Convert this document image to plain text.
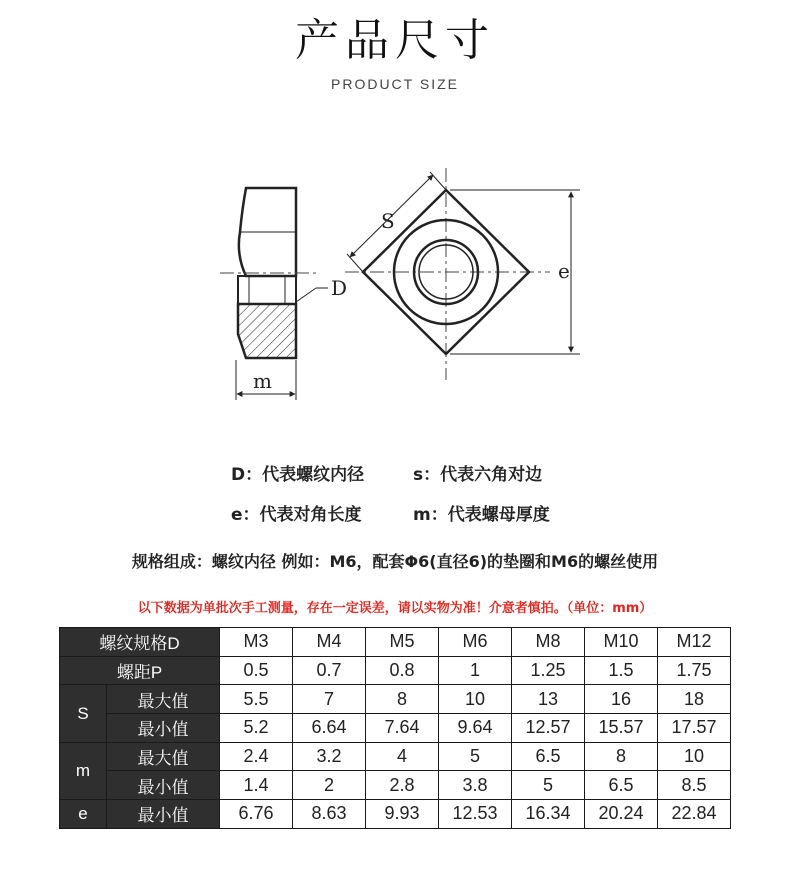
产品尺寸
PRODUCT SIZE
D
m
S
e
D：代表螺纹内径	s：代表六角对边
e：代表对角长度	m：代表螺母厚度
规格组成：螺纹内径 例如：M6，配套Φ6(直径6)的垫圈和M6的螺丝使用
以下数据为单批次手工测量，存在一定误差，请以实物为准！介意者慎拍。（单位：mm）
螺纹规格D		M3	M4	M5	M6	M8	M10	M12
螺距P		0.5	0.7	0.8	1	1.25	1.5	1.75
S	最大值	5.5	7	8	10	13	16	18
	最小值	5.2	6.64	7.64	9.64	12.57	15.57	17.57
m	最大值	2.4	3.2	4	5	6.5	8	10
	最小值	1.4	2	2.8	3.8	5	6.5	8.5
e	最小值	6.76	8.63	9.93	12.53	16.34	20.24	22.84
